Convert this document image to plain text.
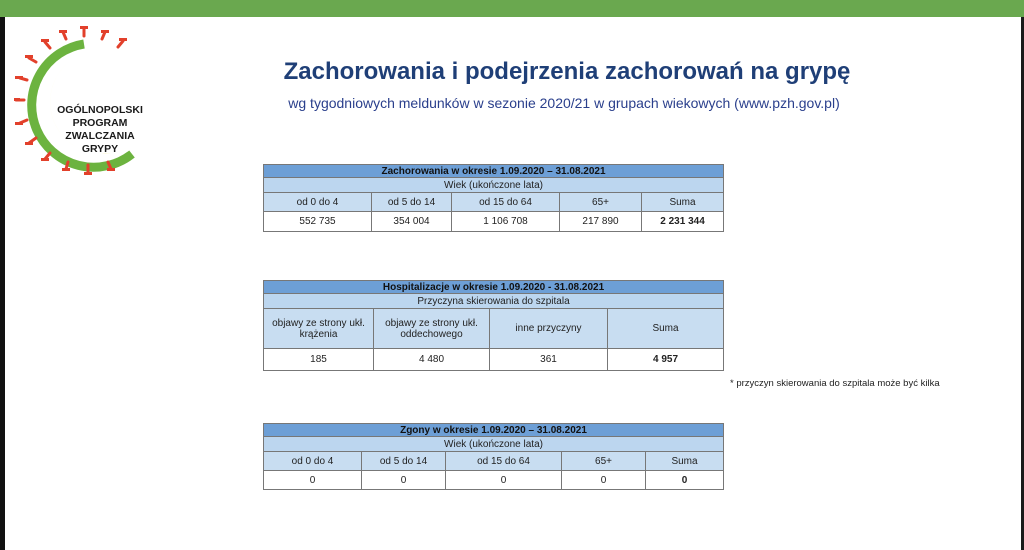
OGÓLNOPOLSKI
PROGRAM
ZWALCZANIA
GRYPY
Zachorowania i podejrzenia zachorowań na grypę
wg tygodniowych meldunków w sezonie 2020/21 w grupach wiekowych (www.pzh.gov.pl)
Zachorowania w okresie 1.09.2020 – 31.08.2021				
Wiek (ukończone lata)				
od 0 do 4	od 5 do 14	od 15 do 64	65+	Suma
552 735	354 004	1 106 708	217 890	2 231 344
Hospitalizacje w okresie 1.09.2020 - 31.08.2021			
Przyczyna skierowania do szpitala			
objawy ze strony ukł. krążenia	objawy ze strony ukł. oddechowego	inne przyczyny	Suma
185	4 480	361	4 957
* przyczyn skierowania do szpitala może być kilka
Zgony w okresie 1.09.2020 – 31.08.2021				
Wiek (ukończone lata)				
od 0 do 4	od 5 do 14	od 15 do 64	65+	Suma
0	0	0	0	0
